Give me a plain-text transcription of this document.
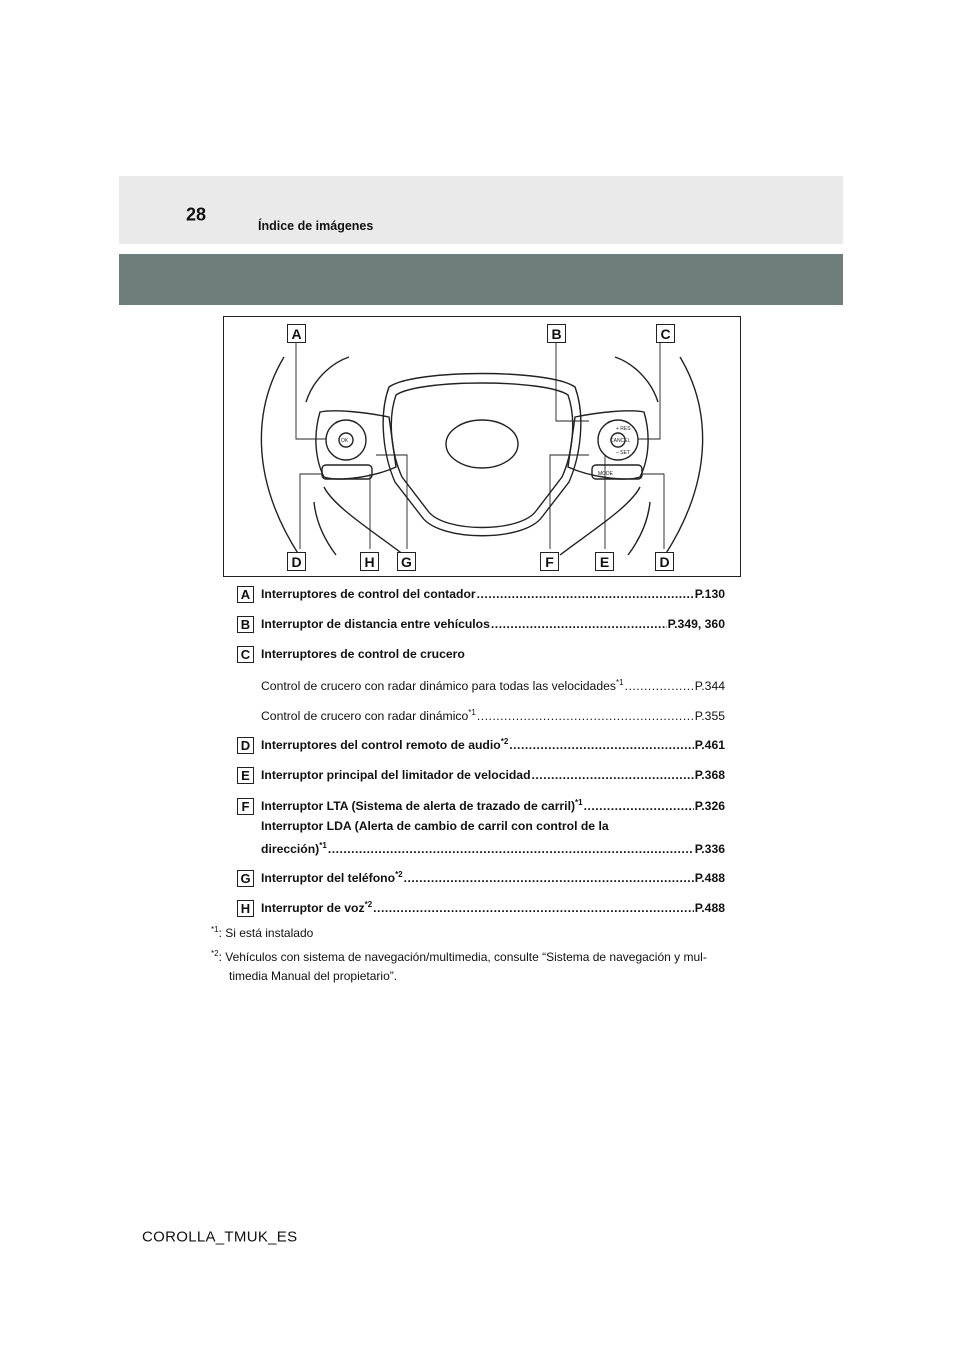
28
Índice de imágenes
OK
+ RES
– SET
CANCEL
MODE
A	B	C
D	H	G	F	E	D
A Interruptores de control del contador .....	P.130
B Interruptor de distancia entre vehículos .....	P.349, 360
C Interruptores de control de crucero
Control de crucero con radar dinámico para todas las velocidades$^{*1}$ .....	P.344
Control de crucero con radar dinámico$^{*1}$ .....	P.355
D Interruptores del control remoto de audio$^{*2}$ .....	P.461
E Interruptor principal del limitador de velocidad .....	P.368
F Interruptor LTA (Sistema de alerta de trazado de carril)$^{*1}$ .....	P.326
Interruptor LDA (Alerta de cambio de carril con control de la
dirección)$^{*1}$ .....	P.336
G Interruptor del teléfono$^{*2}$ .....	P.488
H Interruptor de voz$^{*2}$ .....	P.488
$^{*1}$: Si está instalado
$^{*2}$: Vehículos con sistema de navegación/multimedia, consulte “Sistema de navegación y mul-
timedia Manual del propietario”.
COROLLA_TMUK_ES
